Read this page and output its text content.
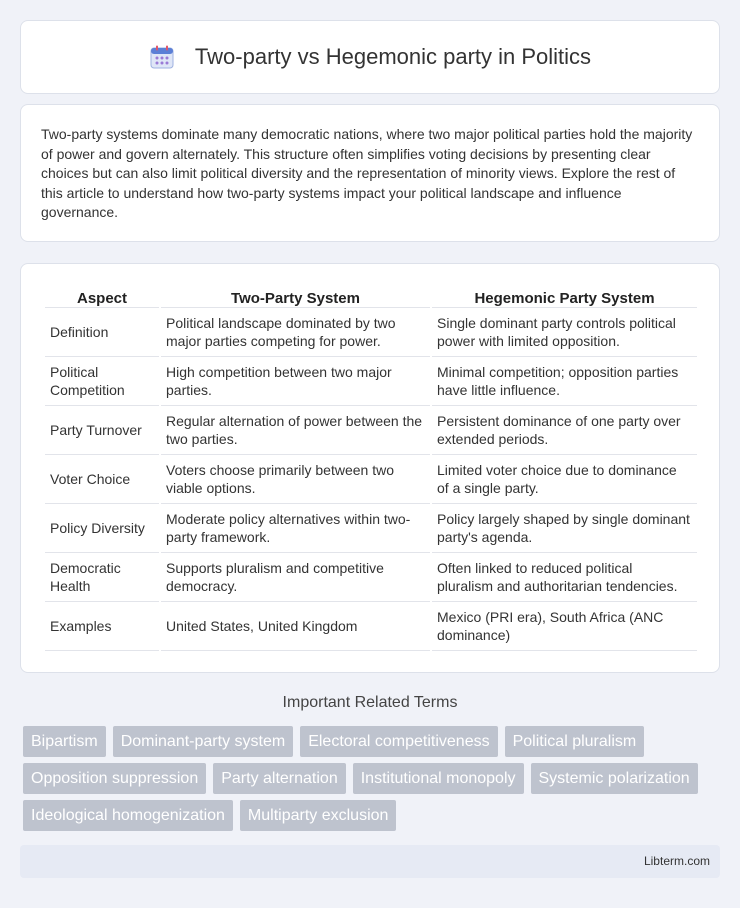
Two-party vs Hegemonic party in Politics

Two-party systems dominate many democratic nations, where two major political parties hold the majority of power and govern alternately. This structure often simplifies voting decisions by presenting clear choices but can also limit political diversity and the representation of minority views. Explore the rest of this article to understand how two-party systems impact your political landscape and influence governance.

Aspect	Two-Party System	Hegemonic Party System
Definition	Political landscape dominated by two major parties competing for power.	Single dominant party controls political power with limited opposition.
Political Competition	High competition between two major parties.	Minimal competition; opposition parties have little influence.
Party Turnover	Regular alternation of power between the two parties.	Persistent dominance of one party over extended periods.
Voter Choice	Voters choose primarily between two viable options.	Limited voter choice due to dominance of a single party.
Policy Diversity	Moderate policy alternatives within two-party framework.	Policy largely shaped by single dominant party's agenda.
Democratic Health	Supports pluralism and competitive democracy.	Often linked to reduced political pluralism and authoritarian tendencies.
Examples	United States, United Kingdom	Mexico (PRI era), South Africa (ANC dominance)
Important Related Terms
Bipartism	Dominant-party system	Electoral competitiveness	Political pluralism
Opposition suppression	Party alternation	Institutional monopoly	Systemic polarization
Ideological homogenization	Multiparty exclusion
Libterm.com
